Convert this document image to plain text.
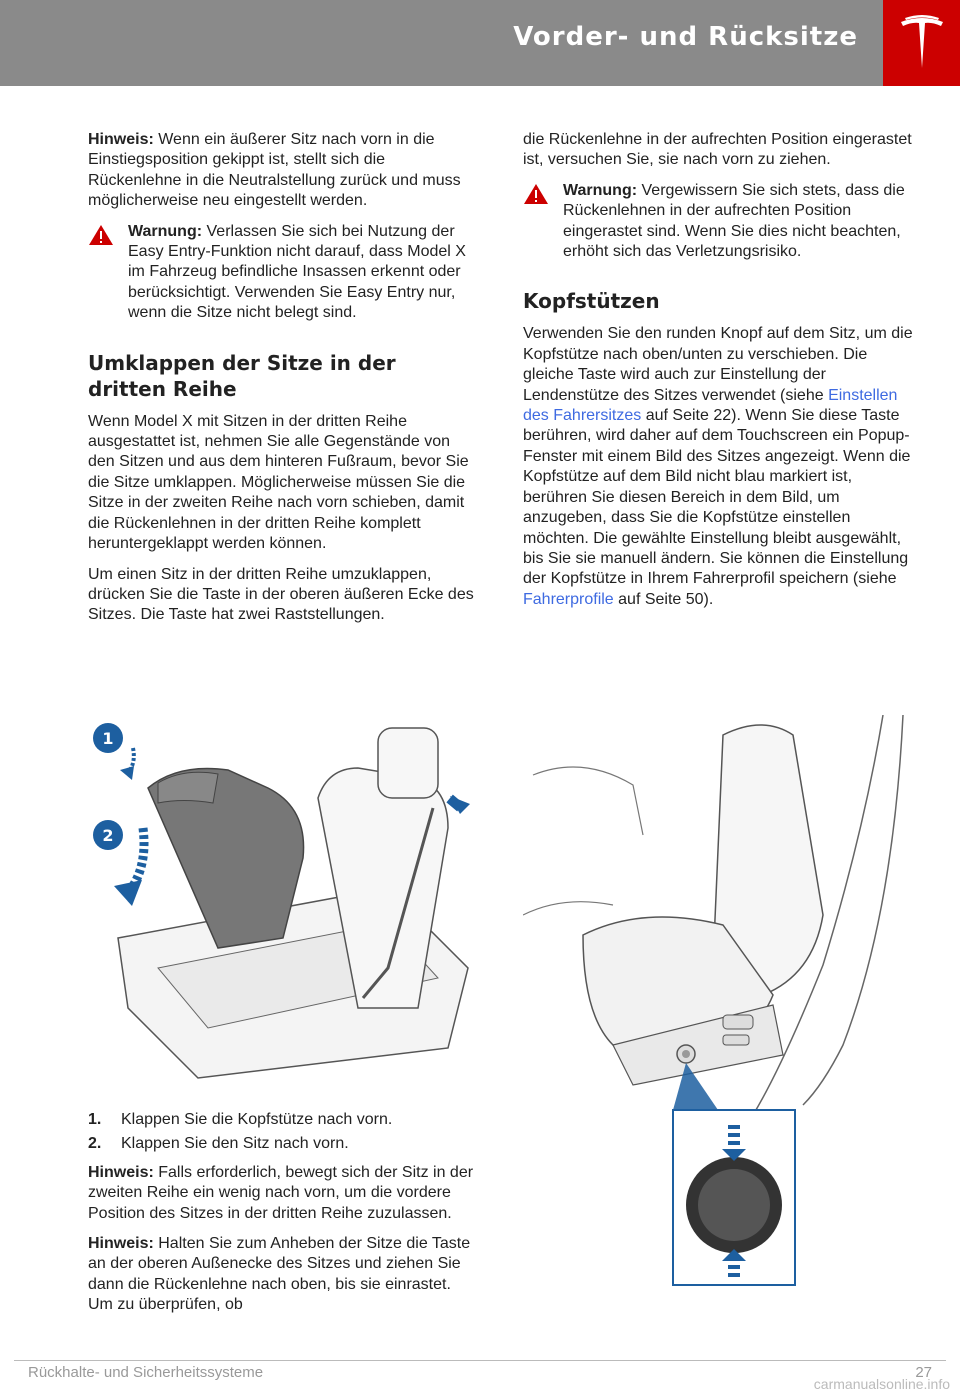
Vorder- und Rücksitze

Hinweis: Wenn ein äußerer Sitz nach vorn in die Einstiegsposition gekippt ist, stellt sich die Rückenlehne in die Neutralstellung zurück und muss möglicherweise neu eingestellt werden.

Warnung: Verlassen Sie sich bei Nutzung der Easy Entry-Funktion nicht darauf, dass Model X im Fahrzeug befindliche Insassen erkennt oder berücksichtigt. Verwenden Sie Easy Entry nur, wenn die Sitze nicht belegt sind.
Umklappen der Sitze in der dritten Reihe

Wenn Model X mit Sitzen in der dritten Reihe ausgestattet ist, nehmen Sie alle Gegenstände von den Sitzen und aus dem hinteren Fußraum, bevor Sie die Sitze umklappen. Möglicherweise müssen Sie die Sitze in der zweiten Reihe nach vorn schieben, damit die Rückenlehnen in der dritten Reihe komplett heruntergeklappt werden können.

Um einen Sitz in der dritten Reihe umzuklappen, drücken Sie die Taste in der oberen äußeren Ecke des Sitzes. Die Taste hat zwei Raststellungen.

1
2
1. Klappen Sie die Kopfstütze nach vorn.
2. Klappen Sie den Sitz nach vorn.

Hinweis: Falls erforderlich, bewegt sich der Sitz in der zweiten Reihe ein wenig nach vorn, um die vordere Position des Sitzes in der dritten Reihe zuzulassen.

Hinweis: Halten Sie zum Anheben der Sitze die Taste an der oberen Außenecke des Sitzes und ziehen Sie dann die Rückenlehne nach oben, bis sie einrastet. Um zu überprüfen, ob

die Rückenlehne in der aufrechten Position eingerastet ist, versuchen Sie, sie nach vorn zu ziehen.

Warnung: Vergewissern Sie sich stets, dass die Rückenlehnen in der aufrechten Position eingerastet sind. Wenn Sie dies nicht beachten, erhöht sich das Verletzungsrisiko.
Kopfstützen

Verwenden Sie den runden Knopf auf dem Sitz, um die Kopfstütze nach oben/unten zu verschieben. Die gleiche Taste wird auch zur Einstellung der Lendenstütze des Sitzes verwendet (siehe Einstellen des Fahrersitzes auf Seite 22). Wenn Sie diese Taste berühren, wird daher auf dem Touchscreen ein Popup-Fenster mit einem Bild des Sitzes angezeigt. Wenn die Kopfstütze auf dem Bild nicht blau markiert ist, berühren Sie diesen Bereich in dem Bild, um anzugeben, dass Sie die Kopfstütze einstellen möchten. Die gewählte Einstellung bleibt ausgewählt, bis Sie sie manuell ändern. Sie können die Einstellung der Kopfstütze in Ihrem Fahrerprofil speichern (siehe Fahrerprofile auf Seite 50).

Rückhalte- und Sicherheitssysteme	27
carmanualsonline.info
